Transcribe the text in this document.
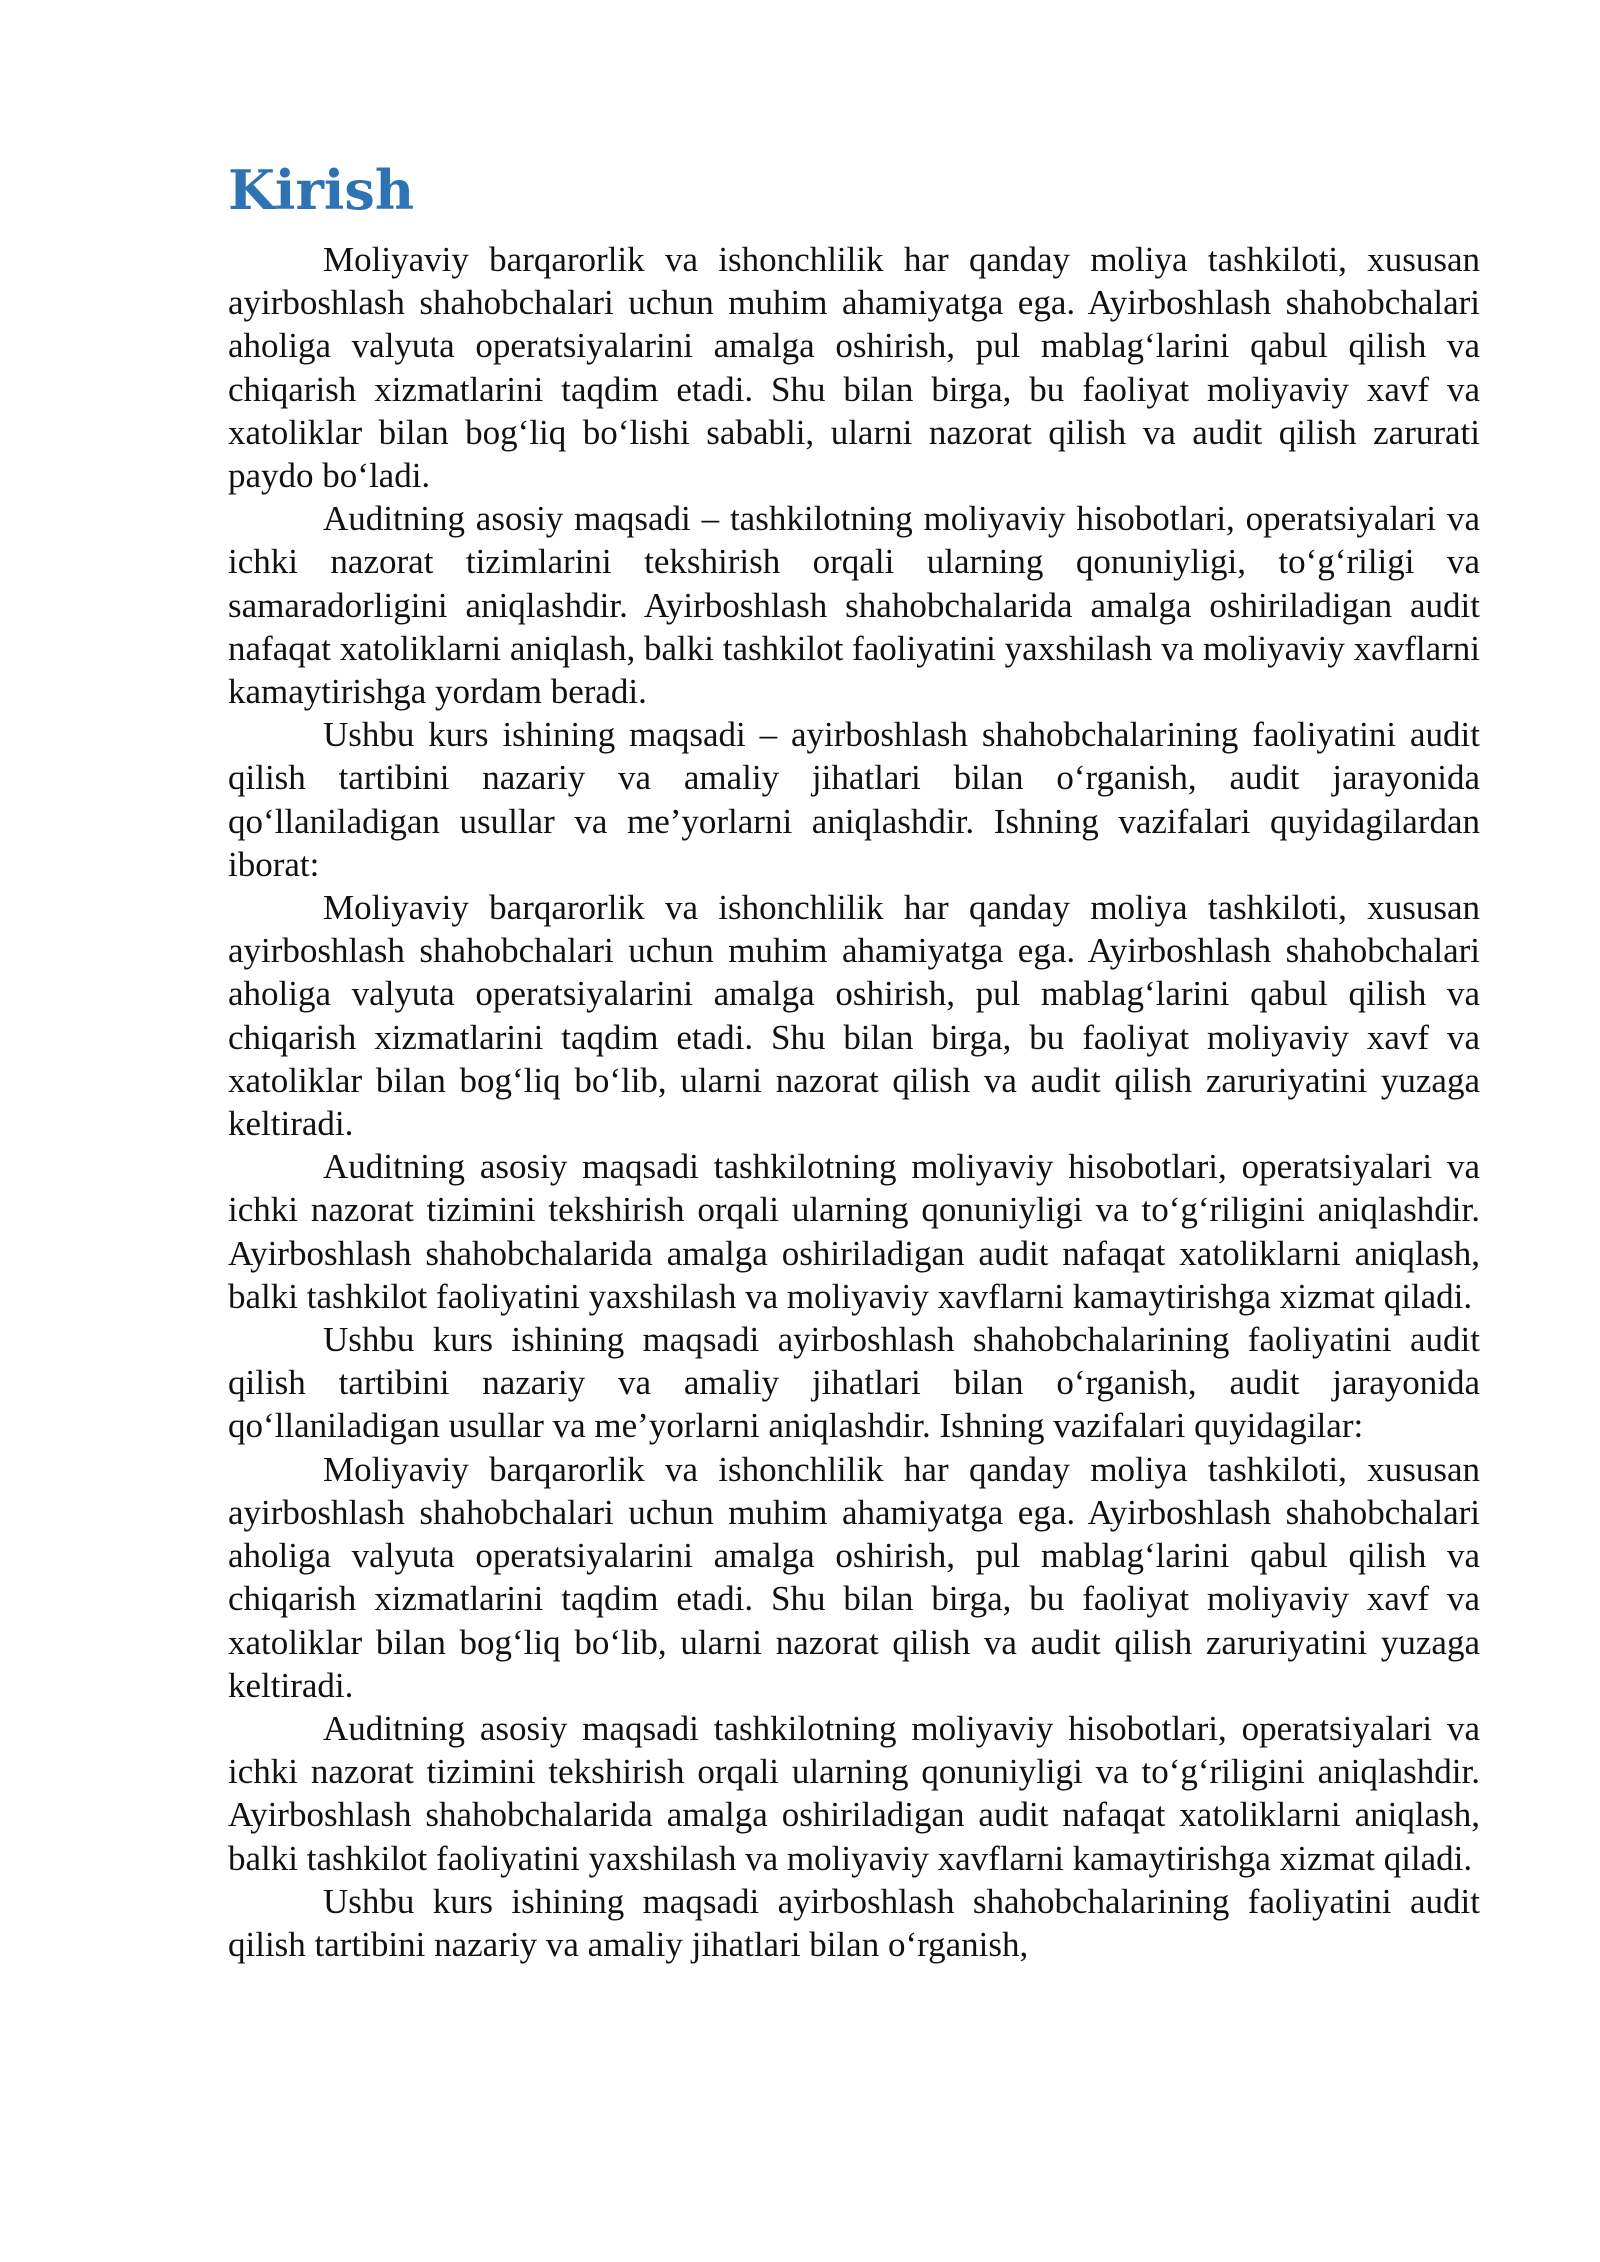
Kirish

Moliyaviy barqarorlik va ishonchlilik har qanday moliya tashkiloti, xususan ayirboshlash shahobchalari uchun muhim ahamiyatga ega. Ayirboshlash shahobchalari aholiga valyuta operatsiyalarini amalga oshirish, pul mablag‘larini qabul qilish va chiqarish xizmatlarini taqdim etadi. Shu bilan birga, bu faoliyat moliyaviy xavf va xatoliklar bilan bog‘liq bo‘lishi sababli, ularni nazorat qilish va audit qilish zarurati paydo bo‘ladi.

Auditning asosiy maqsadi – tashkilotning moliyaviy hisobotlari, operatsiyalari va ichki nazorat tizimlarini tekshirish orqali ularning qonuniyligi, to‘g‘riligi va samaradorligini aniqlashdir. Ayirboshlash shahobchalarida amalga oshiriladigan audit nafaqat xatoliklarni aniqlash, balki tashkilot faoliyatini yaxshilash va moliyaviy xavflarni kamaytirishga yordam beradi.

Ushbu kurs ishining maqsadi – ayirboshlash shahobchalarining faoliyatini audit qilish tartibini nazariy va amaliy jihatlari bilan o‘rganish, audit jarayonida qo‘llaniladigan usullar va me’yorlarni aniqlashdir. Ishning vazifalari quyidagilardan iborat:

Moliyaviy barqarorlik va ishonchlilik har qanday moliya tashkiloti, xususan ayirboshlash shahobchalari uchun muhim ahamiyatga ega. Ayirboshlash shahobchalari aholiga valyuta operatsiyalarini amalga oshirish, pul mablag‘larini qabul qilish va chiqarish xizmatlarini taqdim etadi. Shu bilan birga, bu faoliyat moliyaviy xavf va xatoliklar bilan bog‘liq bo‘lib, ularni nazorat qilish va audit qilish zaruriyatini yuzaga keltiradi.

Auditning asosiy maqsadi tashkilotning moliyaviy hisobotlari, operatsiyalari va ichki nazorat tizimini tekshirish orqali ularning qonuniyligi va to‘g‘riligini aniqlashdir. Ayirboshlash shahobchalarida amalga oshiriladigan audit nafaqat xatoliklarni aniqlash, balki tashkilot faoliyatini yaxshilash va moliyaviy xavflarni kamaytirishga xizmat qiladi.

Ushbu kurs ishining maqsadi ayirboshlash shahobchalarining faoliyatini audit qilish tartibini nazariy va amaliy jihatlari bilan o‘rganish, audit jarayonida qo‘llaniladigan usullar va me’yorlarni aniqlashdir. Ishning vazifalari quyidagilar:

Moliyaviy barqarorlik va ishonchlilik har qanday moliya tashkiloti, xususan ayirboshlash shahobchalari uchun muhim ahamiyatga ega. Ayirboshlash shahobchalari aholiga valyuta operatsiyalarini amalga oshirish, pul mablag‘larini qabul qilish va chiqarish xizmatlarini taqdim etadi. Shu bilan birga, bu faoliyat moliyaviy xavf va xatoliklar bilan bog‘liq bo‘lib, ularni nazorat qilish va audit qilish zaruriyatini yuzaga keltiradi.

Auditning asosiy maqsadi tashkilotning moliyaviy hisobotlari, operatsiyalari va ichki nazorat tizimini tekshirish orqali ularning qonuniyligi va to‘g‘riligini aniqlashdir. Ayirboshlash shahobchalarida amalga oshiriladigan audit nafaqat xatoliklarni aniqlash, balki tashkilot faoliyatini yaxshilash va moliyaviy xavflarni kamaytirishga xizmat qiladi.

Ushbu kurs ishining maqsadi ayirboshlash shahobchalarining faoliyatini audit qilish tartibini nazariy va amaliy jihatlari bilan o‘rganish,
